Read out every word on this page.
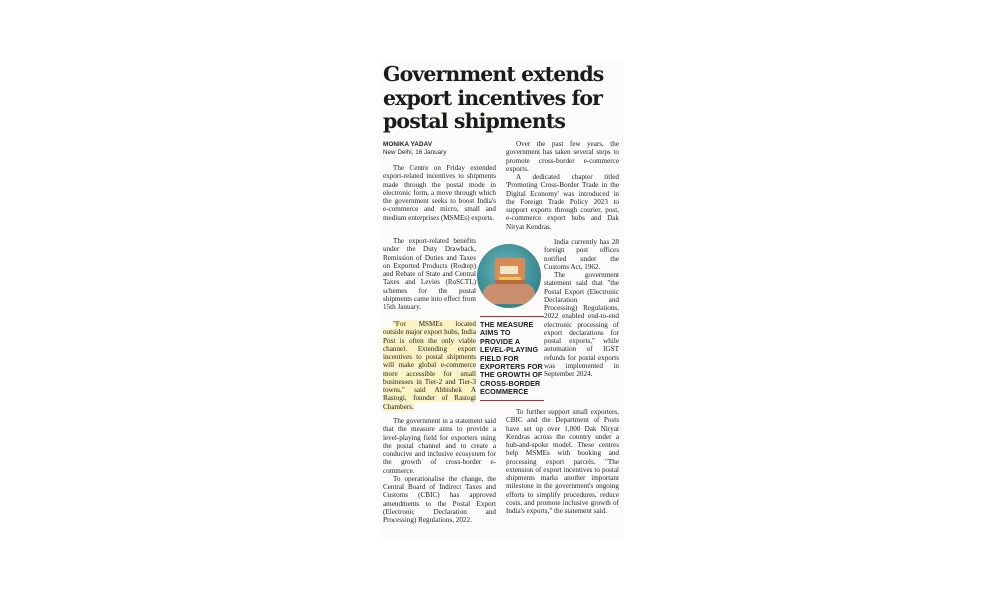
Government extends export incentives for postal shipments
MONIKA YADAV
New Delhi, 16 January

The Centre on Friday extended export-related incentives to shipments made through the postal mode in electronic form, a move through which the government seeks to boost India's e-commerce and micro, small and medium enterprises (MSMEs) exports.

The export-related benefits under the Duty Drawback, Remission of Duties and Taxes on Exported Products (Rodtep) and Rebate of State and Central Taxes and Levies (RoSCTL) schemes for the postal shipments came into effect from 15th January.

"For MSMEs located outside major export hubs, India Post is often the only viable channel. Extending export incentives to postal shipments will make global e-commerce more accessible for small businesses in Tier-2 and Tier-3 towns," said Abhishek A Rastogi, founder of Rastogi Chambers.

The government in a statement said that the measure aims to provide a level-playing field for exporters using the postal channel and to create a conducive and inclusive ecosystem for the growth of cross-border e-commerce.

To operationalise the change, the Central Board of Indirect Taxes and Customs (CBIC) has approved amendments to the Postal Export (Electronic Declaration and Processing) Regulations, 2022.

Over the past few years, the government has taken several steps to promote cross-border e-commerce exports.

A dedicated chapter titled 'Promoting Cross-Border Trade in the Digital Economy' was introduced in the Foreign Trade Policy 2023 to support exports through courier, post, e-commerce export hubs and Dak Niryat Kendras.

India currently has 28 foreign post offices notified under the Customs Act, 1962.

The government statement said that "the Postal Export (Electronic Declaration and Processing) Regulations, 2022 enabled end-to-end electronic processing of export declarations for postal exports," while automation of IGST refunds for postal exports was implemented in September 2024.

To further support small exporters, CBIC and the Department of Posts have set up over 1,000 Dak Niryat Kendras across the country under a hub-and-spoke model. These centres help MSMEs with booking and processing export parcels. "The extension of export incentives to postal shipments marks another important milestone in the government's ongoing efforts to simplify procedures, reduce costs, and promote inclusive growth of India's exports," the statement said.

THE MEASURE AIMS TO PROVIDE A LEVEL-PLAYING FIELD FOR EXPORTERS FOR THE GROWTH OF CROSS-BORDER ECOMMERCE
